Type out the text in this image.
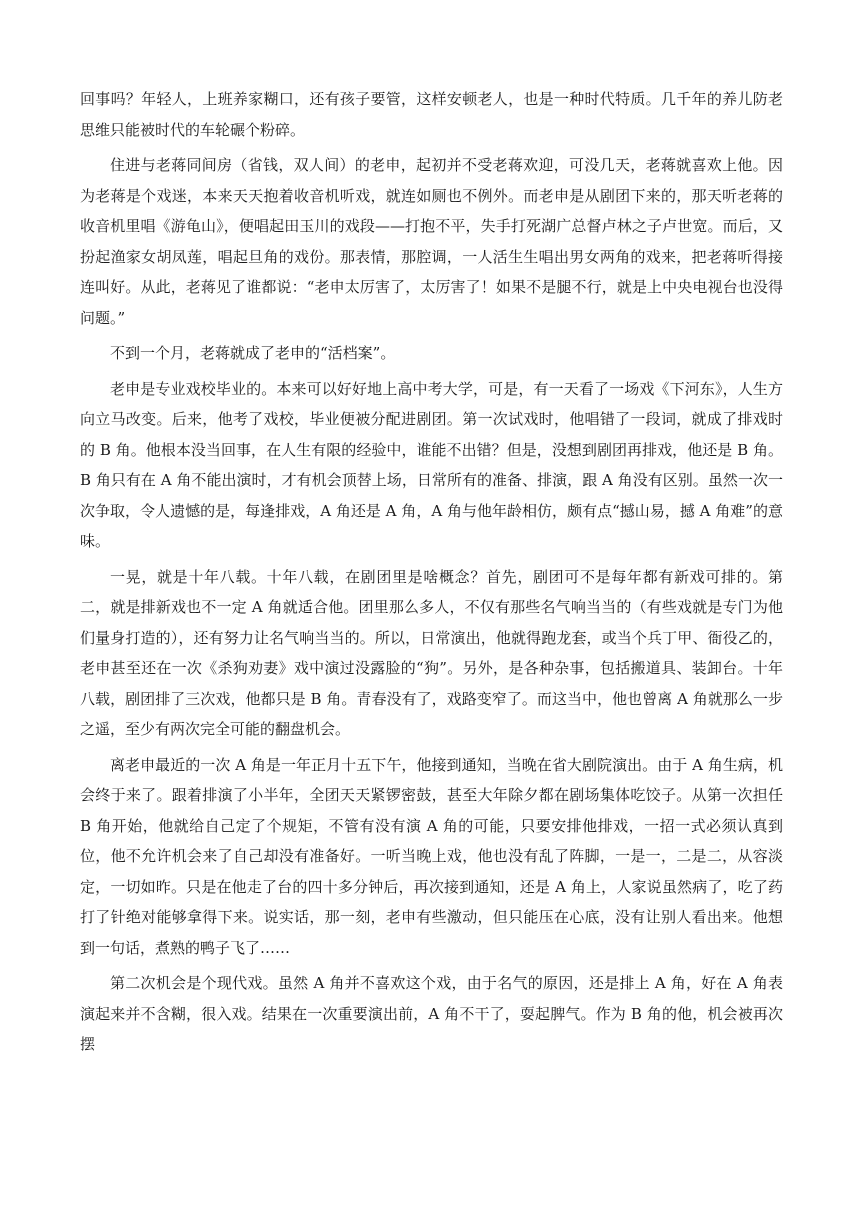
回事吗？年轻人，上班养家糊口，还有孩子要管，这样安顿老人，也是一种时代特质。几千年的养儿防老思维只能被时代的车轮碾个粉碎。

住进与老蒋同间房（省钱，双人间）的老申，起初并不受老蒋欢迎，可没几天，老蒋就喜欢上他。因为老蒋是个戏迷，本来天天抱着收音机听戏，就连如厕也不例外。而老申是从剧团下来的，那天听老蒋的收音机里唱《游龟山》，便唱起田玉川的戏段——打抱不平，失手打死湖广总督卢林之子卢世宽。而后，又扮起渔家女胡凤莲，唱起旦角的戏份。那表情，那腔调，一人活生生唱出男女两角的戏来，把老蒋听得接连叫好。从此，老蒋见了谁都说：“老申太厉害了，太厉害了！如果不是腿不行，就是上中央电视台也没得问题。”

不到一个月，老蒋就成了老申的“活档案”。

老申是专业戏校毕业的。本来可以好好地上高中考大学，可是，有一天看了一场戏《下河东》，人生方向立马改变。后来，他考了戏校，毕业便被分配进剧团。第一次试戏时，他唱错了一段词，就成了排戏时的 B 角。他根本没当回事，在人生有限的经验中，谁能不出错？但是，没想到剧团再排戏，他还是 B 角。B 角只有在 A 角不能出演时，才有机会顶替上场，日常所有的准备、排演，跟 A 角没有区别。虽然一次一次争取，令人遗憾的是，每逢排戏，A 角还是 A 角，A 角与他年龄相仿，颇有点“撼山易，撼 A 角难”的意味。

一晃，就是十年八载。十年八载，在剧团里是啥概念？首先，剧团可不是每年都有新戏可排的。第二，就是排新戏也不一定 A 角就适合他。团里那么多人，不仅有那些名气响当当的（有些戏就是专门为他们量身打造的），还有努力让名气响当当的。所以，日常演出，他就得跑龙套，或当个兵丁甲、衙役乙的，老申甚至还在一次《杀狗劝妻》戏中演过没露脸的“狗”。另外，是各种杂事，包括搬道具、装卸台。十年八载，剧团排了三次戏，他都只是 B 角。青春没有了，戏路变窄了。而这当中，他也曾离 A 角就那么一步之遥，至少有两次完全可能的翻盘机会。

离老申最近的一次 A 角是一年正月十五下午，他接到通知，当晚在省大剧院演出。由于 A 角生病，机会终于来了。跟着排演了小半年，全团天天紧锣密鼓，甚至大年除夕都在剧场集体吃饺子。从第一次担任 B 角开始，他就给自己定了个规矩，不管有没有演 A 角的可能，只要安排他排戏，一招一式必须认真到位，他不允许机会来了自己却没有准备好。一听当晚上戏，他也没有乱了阵脚，一是一，二是二，从容淡定，一切如昨。只是在他走了台的四十多分钟后，再次接到通知，还是 A 角上，人家说虽然病了，吃了药打了针绝对能够拿得下来。说实话，那一刻，老申有些激动，但只能压在心底，没有让别人看出来。他想到一句话，煮熟的鸭子飞了……

第二次机会是个现代戏。虽然 A 角并不喜欢这个戏，由于名气的原因，还是排上 A 角，好在 A 角表演起来并不含糊，很入戏。结果在一次重要演出前，A 角不干了，耍起脾气。作为 B 角的他，机会被再次摆
